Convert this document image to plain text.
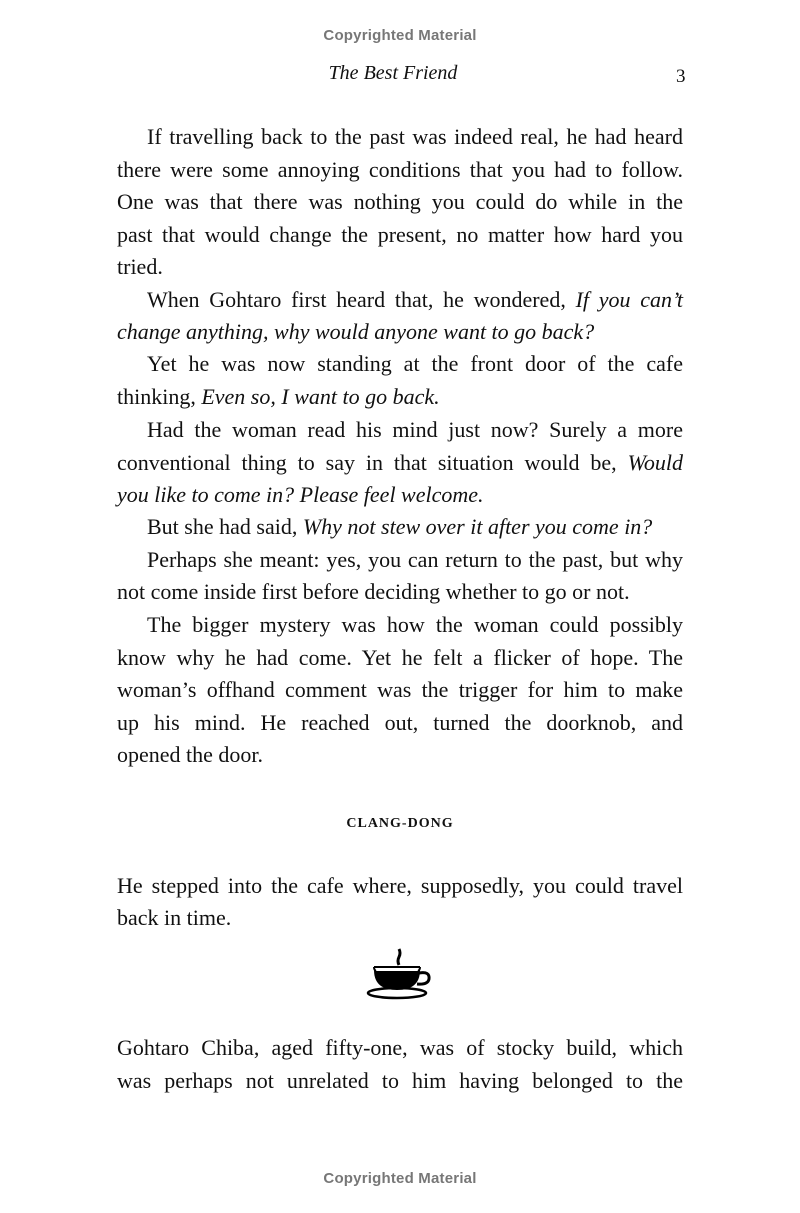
Copyrighted Material
The Best Friend	3
If travelling back to the past was indeed real, he had heard
there were some annoying conditions that you had to follow.
One was that there was nothing you could do while in the
past that would change the present, no matter how hard you
tried.
When Gohtaro first heard that, he wondered, If you can’t
change anything, why would anyone want to go back?
Yet he was now standing at the front door of the cafe
thinking, Even so, I want to go back.
Had the woman read his mind just now? Surely a more
conventional thing to say in that situation would be, Would
you like to come in? Please feel welcome.
But she had said, Why not stew over it after you come in?
Perhaps she meant: yes, you can return to the past, but why
not come inside first before deciding whether to go or not.
The bigger mystery was how the woman could possibly
know why he had come. Yet he felt a flicker of hope. The
woman’s offhand comment was the trigger for him to make
up his mind. He reached out, turned the doorknob, and
opened the door.
He stepped into the cafe where, supposedly, you could travel
back in time.
Gohtaro Chiba, aged fifty-one, was of stocky build, which
was perhaps not unrelated to him having belonged to the
CLANG-DONG
Copyrighted Material
